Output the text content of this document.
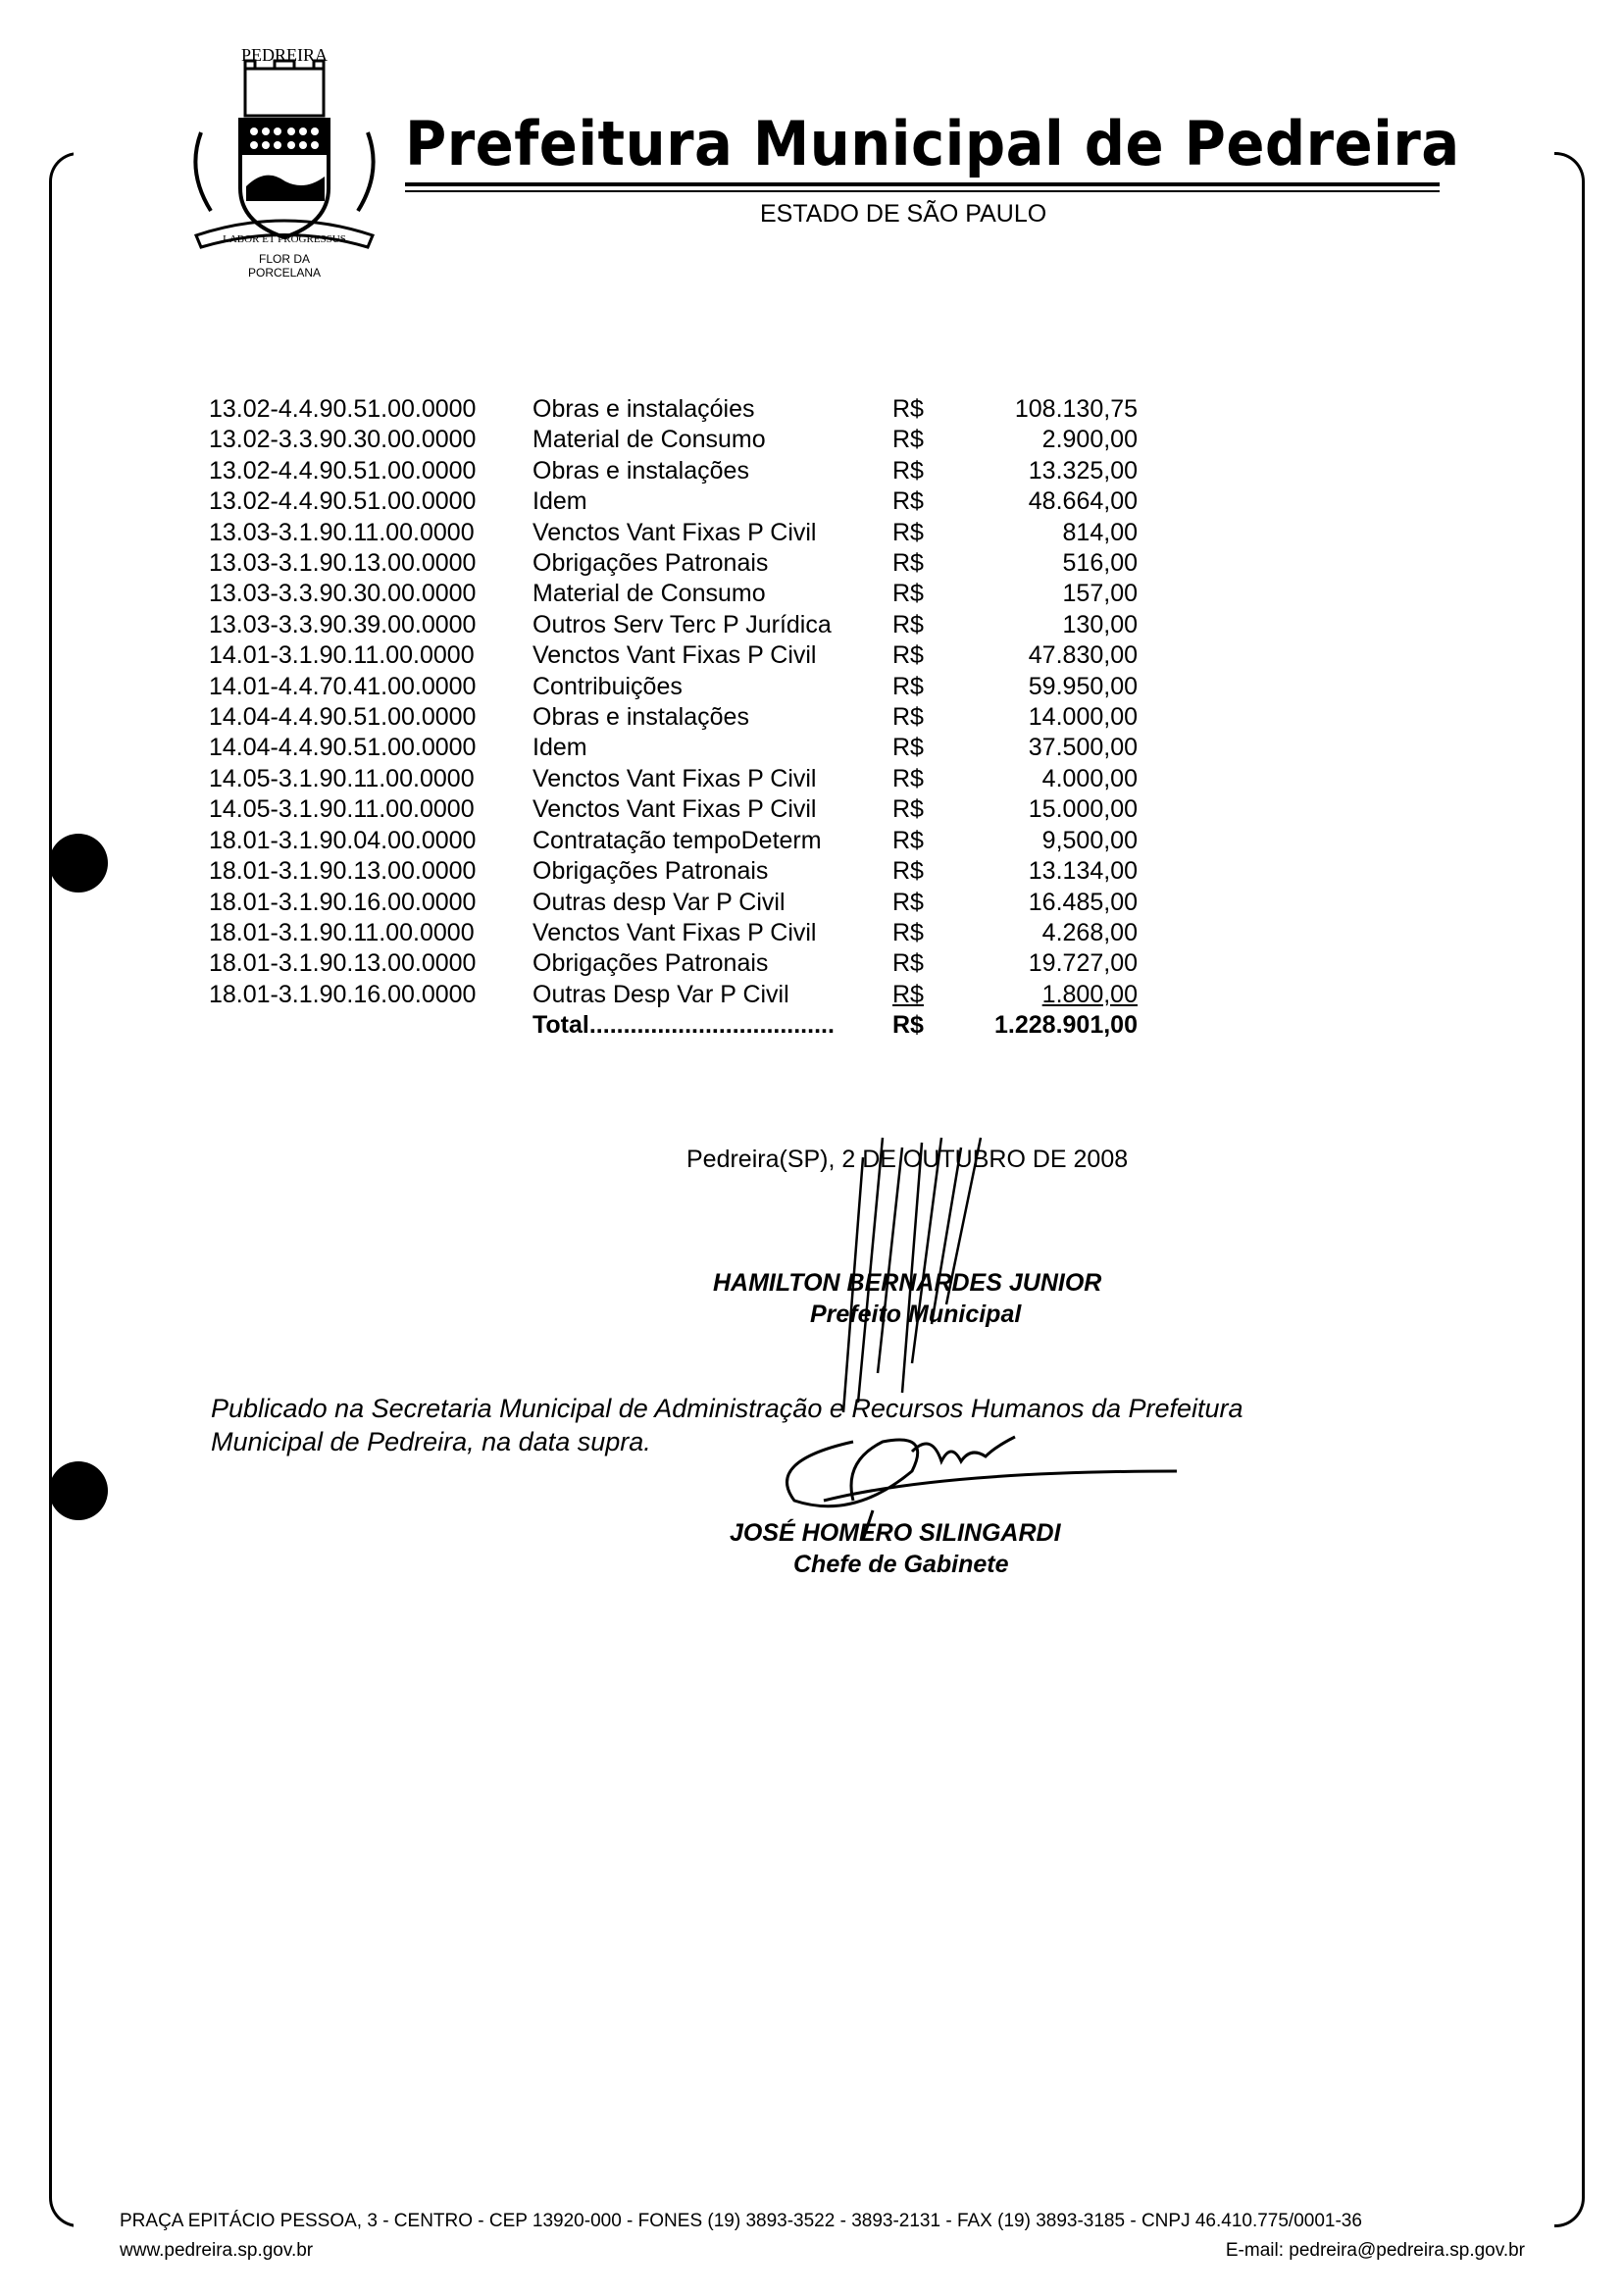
PEDREIRA
LABOR ET PROGRESSUS
FLOR DA
PORCELANA
Prefeitura Municipal de Pedreira
ESTADO DE SÃO PAULO
13.02-4.4.90.51.00.0000	Obras e instalaçóies	R$	108.130,75
13.02-3.3.90.30.00.0000	Material de Consumo	R$	2.900,00
13.02-4.4.90.51.00.0000	Obras e instalações	R$	13.325,00
13.02-4.4.90.51.00.0000	Idem	R$	48.664,00
13.03-3.1.90.11.00.0000	Venctos Vant Fixas P Civil	R$	814,00
13.03-3.1.90.13.00.0000	Obrigações Patronais	R$	516,00
13.03-3.3.90.30.00.0000	Material de Consumo	R$	157,00
13.03-3.3.90.39.00.0000	Outros Serv Terc P Jurídica	R$	130,00
14.01-3.1.90.11.00.0000	Venctos Vant Fixas P Civil	R$	47.830,00
14.01-4.4.70.41.00.0000	Contribuições	R$	59.950,00
14.04-4.4.90.51.00.0000	Obras e instalações	R$	14.000,00
14.04-4.4.90.51.00.0000	Idem	R$	37.500,00
14.05-3.1.90.11.00.0000	Venctos Vant Fixas P Civil	R$	4.000,00
14.05-3.1.90.11.00.0000	Venctos Vant Fixas P Civil	R$	15.000,00
18.01-3.1.90.04.00.0000	Contratação tempoDeterm	R$	9,500,00
18.01-3.1.90.13.00.0000	Obrigações Patronais	R$	13.134,00
18.01-3.1.90.16.00.0000	Outras desp Var P Civil	R$	16.485,00
18.01-3.1.90.11.00.0000	Venctos Vant Fixas P Civil	R$	4.268,00
18.01-3.1.90.13.00.0000	Obrigações Patronais	R$	19.727,00
18.01-3.1.90.16.00.0000	Outras Desp Var P Civil	R$	1.800,00
	Total....................................	R$	1.228.901,00
Pedreira(SP), 2 DE OUTUBRO DE 2008
HAMILTON BERNARDES JUNIOR
Prefeito Municipal
Publicado na Secretaria Municipal de Administração e Recursos Humanos da Prefeitura
Municipal de Pedreira, na data supra.
JOSÉ HOMERO SILINGARDI
Chefe de Gabinete
PRAÇA EPITÁCIO PESSOA, 3 - CENTRO - CEP 13920-000 - FONES (19) 3893-3522 - 3893-2131 - FAX (19) 3893-3185 - CNPJ 46.410.775/0001-36
www.pedreira.sp.gov.br	E-mail: pedreira@pedreira.sp.gov.br
